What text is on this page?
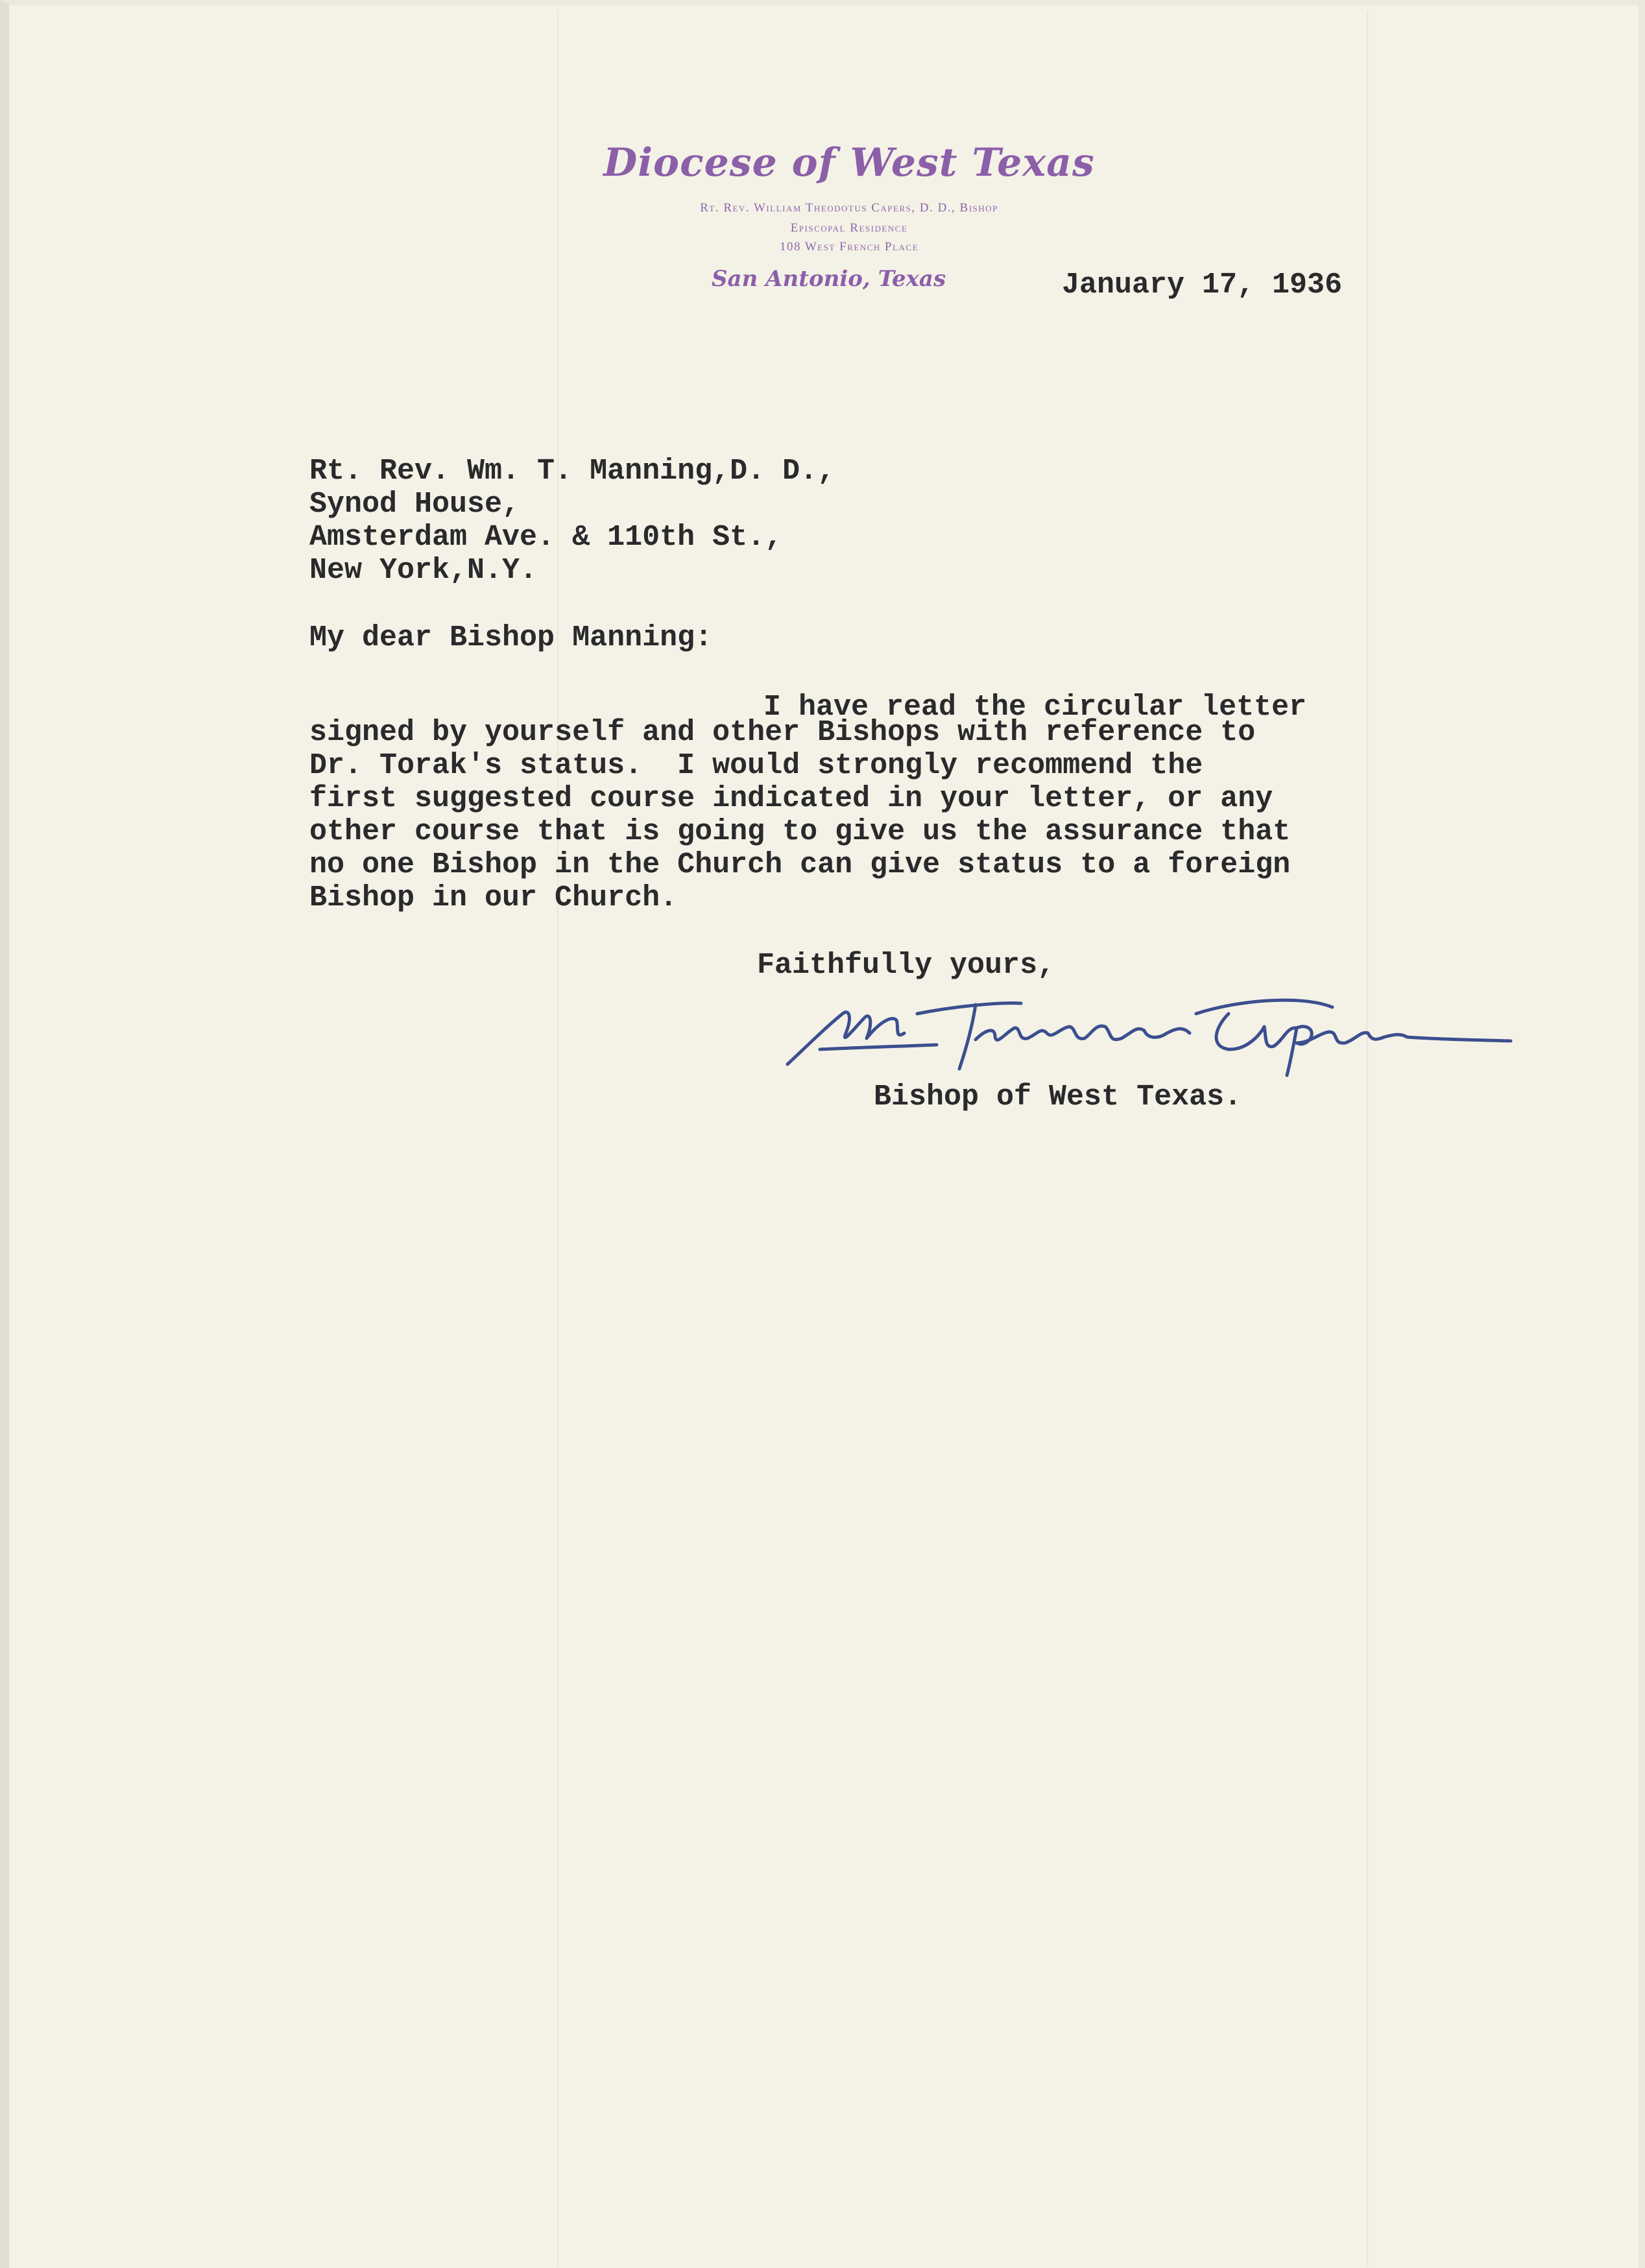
Diocese of West Texas
Rt. Rev. William Theodotus Capers, D. D., Bishop
Episcopal Residence
108 West French Place
San Antonio, Texas	January 17, 1936
Rt. Rev. Wm. T. Manning,D. D.,
Synod House,
Amsterdam Ave. & 110th St.,
New York,N.Y.
My dear Bishop Manning:
I have read the circular letter
signed by yourself and other Bishops with reference to
Dr. Torak's status.  I would strongly recommend the
first suggested course indicated in your letter, or any
other course that is going to give us the assurance that
no one Bishop in the Church can give status to a foreign
Bishop in our Church.
Faithfully yours,
Bishop of West Texas.
